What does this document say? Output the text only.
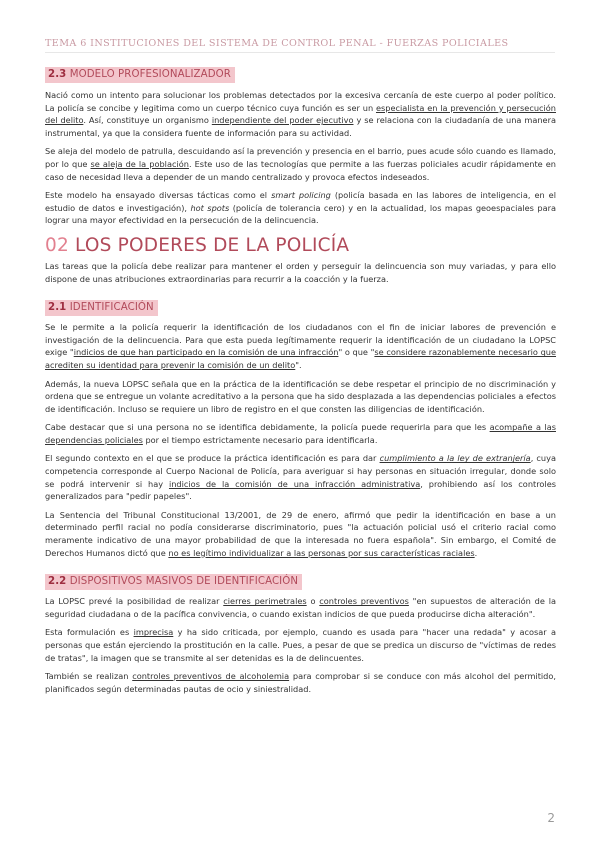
TEMA 6 INSTITUCIONES DEL SISTEMA DE CONTROL PENAL - FUERZAS POLICIALES
2.3 MODELO PROFESIONALIZADOR

Nació como un intento para solucionar los problemas detectados por la excesiva cercanía de este cuerpo al poder político. La policía se concibe y legitima como un cuerpo técnico cuya función es ser un especialista en la prevención y persecución del delito. Así, constituye un organismo independiente del poder ejecutivo y se relaciona con la ciudadanía de una manera instrumental, ya que la considera fuente de información para su actividad.

Se aleja del modelo de patrulla, descuidando así la prevención y presencia en el barrio, pues acude sólo cuando es llamado, por lo que se aleja de la población. Este uso de las tecnologías que permite a las fuerzas policiales acudir rápidamente en caso de necesidad lleva a depender de un mando centralizado y provoca efectos indeseados.

Este modelo ha ensayado diversas tácticas como el smart policing (policía basada en las labores de inteligencia, en el estudio de datos e investigación), hot spots (policía de tolerancia cero) y en la actualidad, los mapas geoespaciales para lograr una mayor efectividad en la persecución de la delincuencia.

02 LOS PODERES DE LA POLICÍA

Las tareas que la policía debe realizar para mantener el orden y perseguir la delincuencia son muy variadas, y para ello dispone de unas atribuciones extraordinarias para recurrir a la coacción y la fuerza.

2.1 IDENTIFICACIÓN

Se le permite a la policía requerir la identificación de los ciudadanos con el fin de iniciar labores de prevención e investigación de la delincuencia. Para que esta pueda legítimamente requerir la identificación de un ciudadano la LOPSC exige "indicios de que han participado en la comisión de una infracción" o que "se considere razonablemente necesario que acrediten su identidad para prevenir la comisión de un delito".

Además, la nueva LOPSC señala que en la práctica de la identificación se debe respetar el principio de no discriminación y ordena que se entregue un volante acreditativo a la persona que ha sido desplazada a las dependencias policiales a efectos de identificación. Incluso se requiere un libro de registro en el que consten las diligencias de identificación.

Cabe destacar que si una persona no se identifica debidamente, la policía puede requerirla para que les acompañe a las dependencias policiales por el tiempo estrictamente necesario para identificarla.

El segundo contexto en el que se produce la práctica identificación es para dar cumplimiento a la ley de extranjería, cuya competencia corresponde al Cuerpo Nacional de Policía, para averiguar si hay personas en situación irregular, donde solo se podrá intervenir si hay indicios de la comisión de una infracción administrativa, prohibiendo así los controles generalizados para "pedir papeles".

La Sentencia del Tribunal Constitucional 13/2001, de 29 de enero, afirmó que pedir la identificación en base a un determinado perfil racial no podía considerarse discriminatorio, pues "la actuación policial usó el criterio racial como meramente indicativo de una mayor probabilidad de que la interesada no fuera española". Sin embargo, el Comité de Derechos Humanos dictó que no es legítimo individualizar a las personas por sus características raciales.

2.2 DISPOSITIVOS MASIVOS DE IDENTIFICACIÓN

La LOPSC prevé la posibilidad de realizar cierres perimetrales o controles preventivos "en supuestos de alteración de la seguridad ciudadana o de la pacífica convivencia, o cuando existan indicios de que pueda producirse dicha alteración".

Esta formulación es imprecisa y ha sido criticada, por ejemplo, cuando es usada para "hacer una redada" y acosar a personas que están ejerciendo la prostitución en la calle. Pues, a pesar de que se predica un discurso de "víctimas de redes de tratas", la imagen que se transmite al ser detenidas es la de delincuentes.

También se realizan controles preventivos de alcoholemia para comprobar si se conduce con más alcohol del permitido, planificados según determinadas pautas de ocio y siniestralidad.

2
